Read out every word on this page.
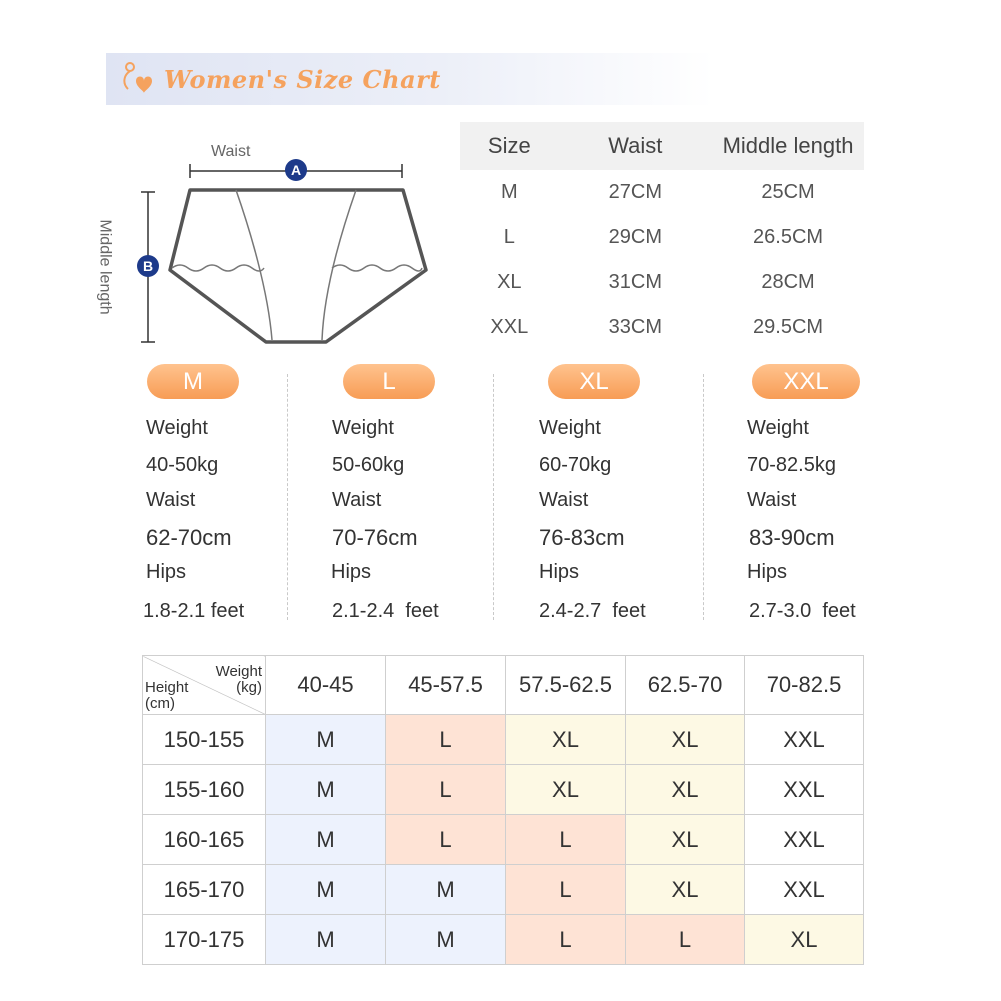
Women's Size Chart
Waist
Middle length
A
B
Size	Waist	Middle length
M	27CM	25CM
L	29CM	26.5CM
XL	31CM	28CM
XXL	33CM	29.5CM
M	L	XL	XXL
Weight
40-50kg
Waist
62-70cm
Hips
1.8-2.1 feet
Weight
50-60kg
Waist
70-76cm
Hips
2.1-2.4  feet
Weight
60-70kg
Waist
76-83cm
Hips
2.4-2.7  feet
Weight
70-82.5kg
Waist
83-90cm
Hips
2.7-3.0  feet
Weight
(kg)
Height
(cm)	40-45	45-57.5	57.5-62.5	62.5-70	70-82.5
150-155	M	L	XL	XL	XXL
155-160	M	L	XL	XL	XXL
160-165	M	L	L	XL	XXL
165-170	M	M	L	XL	XXL
170-175	M	M	L	L	XL
